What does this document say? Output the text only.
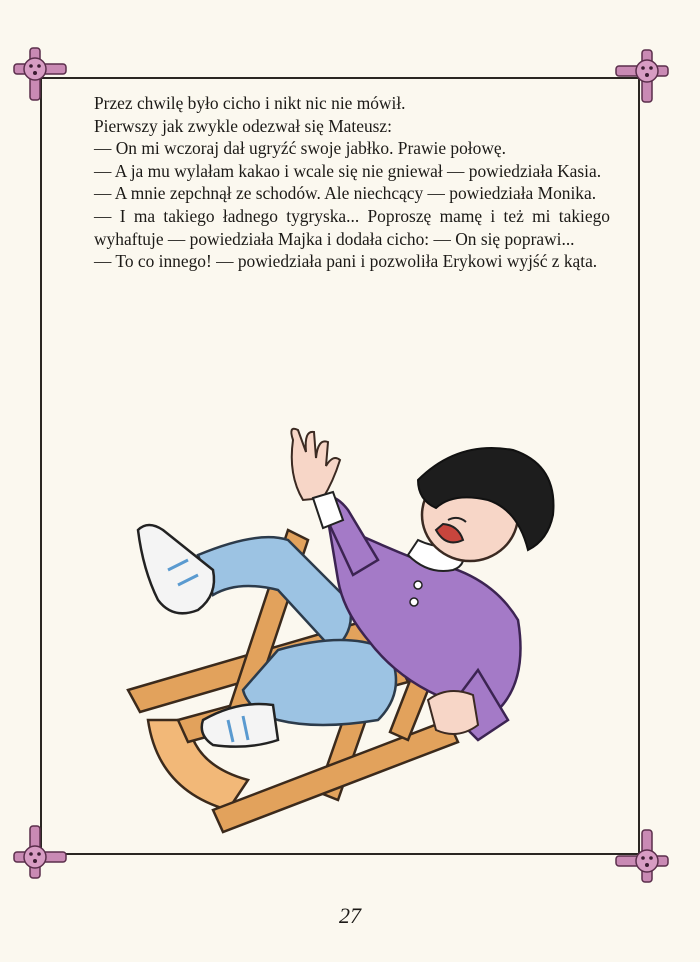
Przez chwilę było cicho i nikt nic nie mówił.

Pierwszy jak zwykle odezwał się Mateusz:

— On mi wczoraj dał ugryźć swoje jabłko. Prawie połowę.

— A ja mu wylałam kakao i wcale się nie gniewał — powiedziała Kasia.

— A mnie zepchnął ze schodów. Ale niechcący — powiedziała Monika.

— I ma takiego ładnego tygryska... Poproszę mamę i też mi takiego wyhaftuje — powiedziała Majka i dodała cicho: — On się poprawi...

— To co innego! — powiedziała pani i pozwoliła Erykowi wyjść z kąta.

27
